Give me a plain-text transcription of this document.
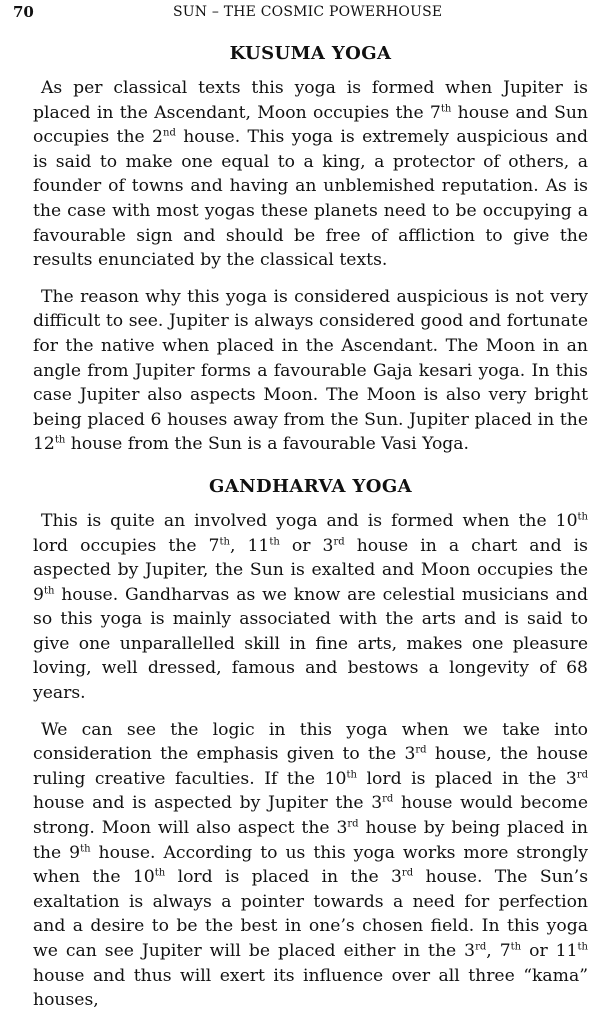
70	SUN – THE COSMIC POWERHOUSE
KUSUMA YOGA

As per classical texts this yoga is formed when Jupiter is placed in the Ascendant, Moon occupies the 7th house and Sun occupies the 2nd house. This yoga is extremely auspicious and is said to make one equal to a king, a protector of others, a founder of towns and having an unblemished reputation. As is the case with most yogas these planets need to be occupying a favourable sign and should be free of affliction to give the results enunciated by the classical texts.

The reason why this yoga is considered auspicious is not very difficult to see. Jupiter is always considered good and fortunate for the native when placed in the Ascendant. The Moon in an angle from Jupiter forms a favourable Gaja kesari yoga. In this case Jupiter also aspects Moon. The Moon is also very bright being placed 6 houses away from the Sun. Jupiter placed in the 12th house from the Sun is a favourable Vasi Yoga.

GANDHARVA YOGA

This is quite an involved yoga and is formed when the 10th lord occupies the 7th, 11th or 3rd house in a chart and is aspected by Jupiter, the Sun is exalted and Moon occupies the 9th house. Gandharvas as we know are celestial musicians and so this yoga is mainly associated with the arts and is said to give one unparallelled skill in fine arts, makes one pleasure loving, well dressed, famous and bestows a longevity of 68 years.

We can see the logic in this yoga when we take into consideration the emphasis given to the 3rd house, the house ruling creative faculties. If the 10th lord is placed in the 3rd house and is aspected by Jupiter the 3rd house would become strong. Moon will also aspect the 3rd house by being placed in the 9th house. According to us this yoga works more strongly when the 10th lord is placed in the 3rd house. The Sun’s exaltation is always a pointer towards a need for perfection and a desire to be the best in one’s chosen field. In this yoga we can see Jupiter will be placed either in the 3rd, 7th or 11th house and thus will exert its influence over all three “kama” houses,
